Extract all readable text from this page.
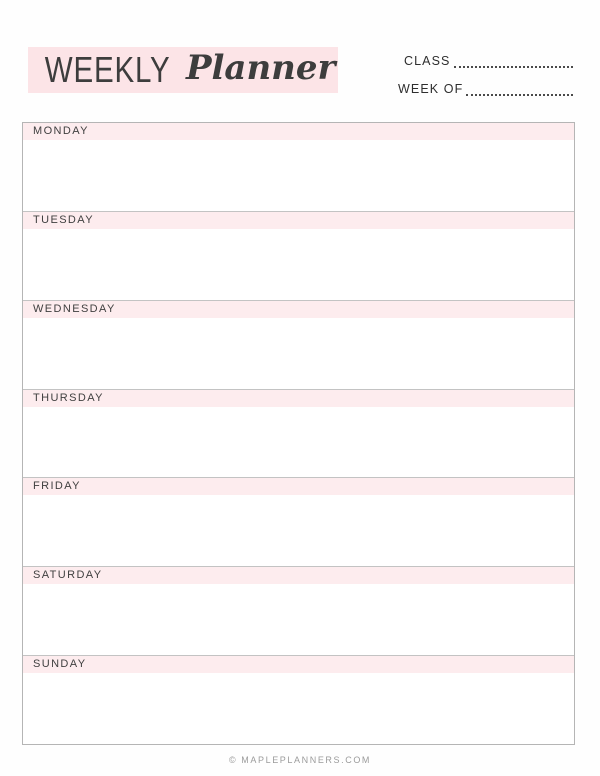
WEEKLY Planner	CLASS
WEEK OF
MONDAY
TUESDAY
WEDNESDAY
THURSDAY
FRIDAY
SATURDAY
SUNDAY
© MAPLEPLANNERS.COM
